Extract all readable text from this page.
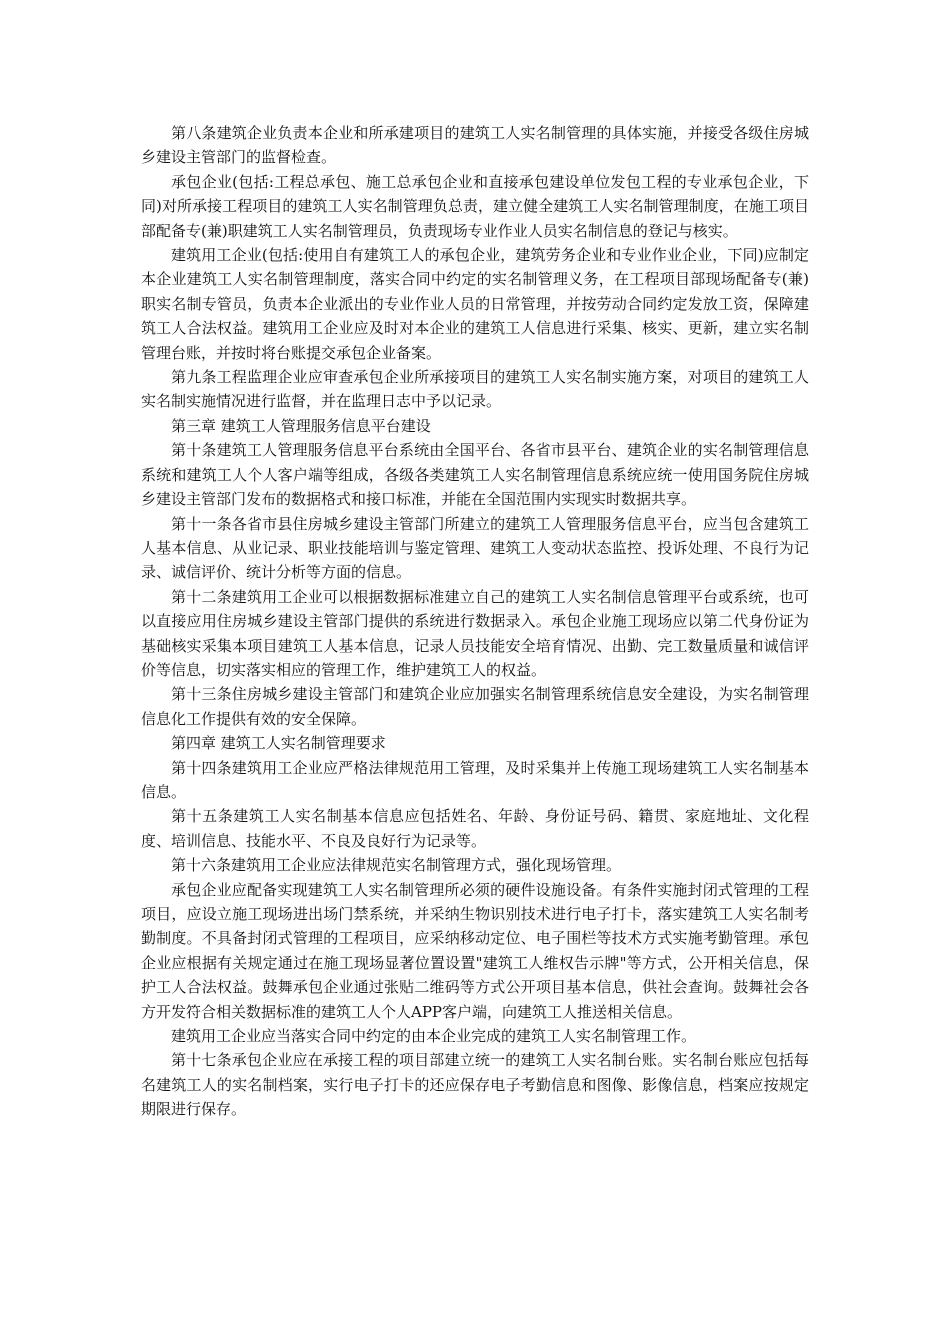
第八条建筑企业负责本企业和所承建项目的建筑工人实名制管理的具体实施，并接受各级住房城乡建设主管部门的监督检查。

承包企业(包括:工程总承包、施工总承包企业和直接承包建设单位发包工程的专业承包企业，下同)对所承接工程项目的建筑工人实名制管理负总责，建立健全建筑工人实名制管理制度，在施工项目部配备专(兼)职建筑工人实名制管理员，负责现场专业作业人员实名制信息的登记与核实。

建筑用工企业(包括:使用自有建筑工人的承包企业，建筑劳务企业和专业作业企业，下同)应制定本企业建筑工人实名制管理制度，落实合同中约定的实名制管理义务，在工程项目部现场配备专(兼)职实名制专管员，负责本企业派出的专业作业人员的日常管理，并按劳动合同约定发放工资，保障建筑工人合法权益。建筑用工企业应及时对本企业的建筑工人信息进行采集、核实、更新，建立实名制管理台账，并按时将台账提交承包企业备案。

第九条工程监理企业应审查承包企业所承接项目的建筑工人实名制实施方案，对项目的建筑工人实名制实施情况进行监督，并在监理日志中予以记录。

第三章 建筑工人管理服务信息平台建设

第十条建筑工人管理服务信息平台系统由全国平台、各省市县平台、建筑企业的实名制管理信息系统和建筑工人个人客户端等组成，各级各类建筑工人实名制管理信息系统应统一使用国务院住房城乡建设主管部门发布的数据格式和接口标准，并能在全国范围内实现实时数据共享。

第十一条各省市县住房城乡建设主管部门所建立的建筑工人管理服务信息平台，应当包含建筑工人基本信息、从业记录、职业技能培训与鉴定管理、建筑工人变动状态监控、投诉处理、不良行为记录、诚信评价、统计分析等方面的信息。

第十二条建筑用工企业可以根据数据标准建立自己的建筑工人实名制信息管理平台或系统，也可以直接应用住房城乡建设主管部门提供的系统进行数据录入。承包企业施工现场应以第二代身份证为基础核实采集本项目建筑工人基本信息，记录人员技能安全培育情况、出勤、完工数量质量和诚信评价等信息，切实落实相应的管理工作，维护建筑工人的权益。

第十三条住房城乡建设主管部门和建筑企业应加强实名制管理系统信息安全建设，为实名制管理信息化工作提供有效的安全保障。

第四章 建筑工人实名制管理要求

第十四条建筑用工企业应严格法律规范用工管理，及时采集并上传施工现场建筑工人实名制基本信息。

第十五条建筑工人实名制基本信息应包括姓名、年龄、身份证号码、籍贯、家庭地址、文化程度、培训信息、技能水平、不良及良好行为记录等。

第十六条建筑用工企业应法律规范实名制管理方式，强化现场管理。

承包企业应配备实现建筑工人实名制管理所必须的硬件设施设备。有条件实施封闭式管理的工程项目，应设立施工现场进出场门禁系统，并采纳生物识别技术进行电子打卡，落实建筑工人实名制考勤制度。不具备封闭式管理的工程项目，应采纳移动定位、电子围栏等技术方式实施考勤管理。承包企业应根据有关规定通过在施工现场显著位置设置"建筑工人维权告示牌"等方式，公开相关信息，保护工人合法权益。鼓舞承包企业通过张贴二维码等方式公开项目基本信息，供社会查询。鼓舞社会各方开发符合相关数据标准的建筑工人个人APP客户端，向建筑工人推送相关信息。

建筑用工企业应当落实合同中约定的由本企业完成的建筑工人实名制管理工作。

第十七条承包企业应在承接工程的项目部建立统一的建筑工人实名制台账。实名制台账应包括每名建筑工人的实名制档案，实行电子打卡的还应保存电子考勤信息和图像、影像信息，档案应按规定期限进行保存。
